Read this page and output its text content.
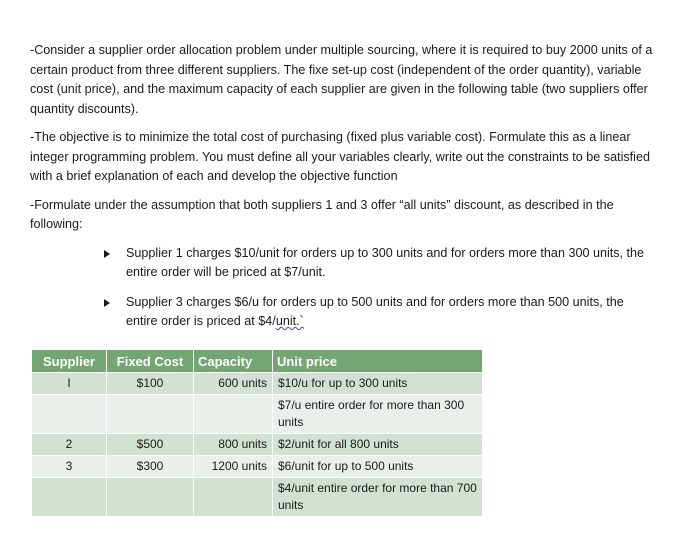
-Consider a supplier order allocation problem under multiple sourcing, where it is required to buy 2000 units of a certain product from three different suppliers. The fixe set-up cost (independent of the order quantity), variable cost (unit price), and the maximum capacity of each supplier are given in the following table (two suppliers offer quantity discounts).

-The objective is to minimize the total cost of purchasing (fixed plus variable cost). Formulate this as a linear integer programming problem. You must define all your variables clearly, write out the constraints to be satisfied with a brief explanation of each and develop the objective function

-Formulate under the assumption that both suppliers 1 and 3 offer “all units” discount, as described in the following:

Supplier 1 charges $10/unit for orders up to 300 units and for orders more than 300 units, the entire order will be priced at $7/unit.
Supplier 3 charges $6/u for orders up to 500 units and for orders more than 500 units, the entire order is priced at $4/unit.`
Supplier	Fixed Cost	Capacity	Unit price
I	$100	600 units	$10/u for up to 300 units
			$7/u entire order for more than 300 units
2	$500	800 units	$2/unit for all 800 units
3	$300	1200 units	$6/unit for up to 500 units
			$4/unit entire order for more than 700 units
